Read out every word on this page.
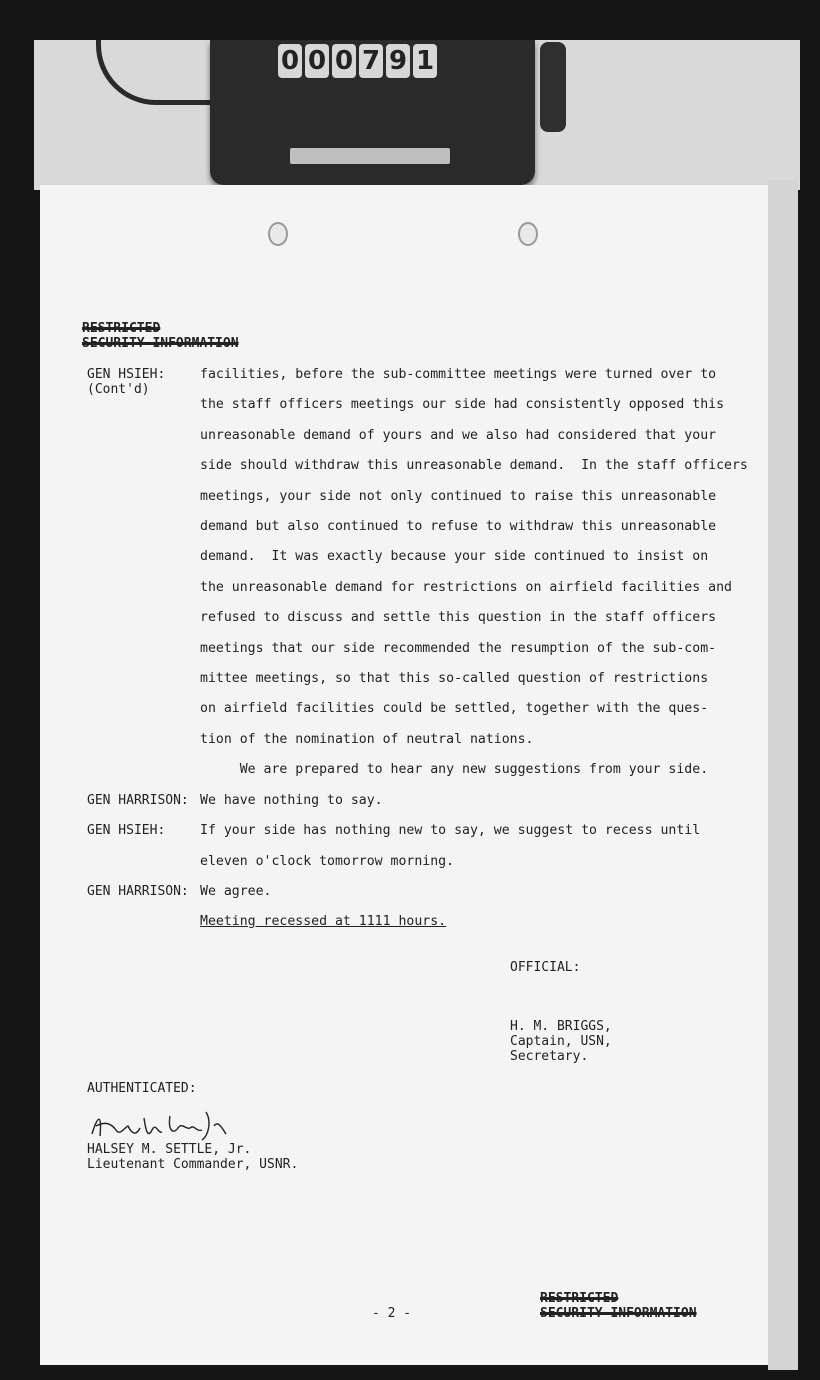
0 0 0 7 9 1
RESTRICTED
SECURITY INFORMATION
GEN HSIEH:
(Cont'd)
facilities, before the sub-committee meetings were turned over to
the staff officers meetings our side had consistently opposed this
unreasonable demand of yours and we also had considered that your
side should withdraw this unreasonable demand.  In the staff officers
meetings, your side not only continued to raise this unreasonable
demand but also continued to refuse to withdraw this unreasonable
demand.  It was exactly because your side continued to insist on
the unreasonable demand for restrictions on airfield facilities and
refused to discuss and settle this question in the staff officers
meetings that our side recommended the resumption of the sub-com-
mittee meetings, so that this so-called question of restrictions
on airfield facilities could be settled, together with the ques-
tion of the nomination of neutral nations.
We are prepared to hear any new suggestions from your side.
GEN HARRISON: We have nothing to say.
GEN HSIEH:	If your side has nothing new to say, we suggest to recess until
eleven o'clock tomorrow morning.
GEN HARRISON: We agree.
Meeting recessed at 1111 hours.
OFFICIAL:
H. M. BRIGGS,
Captain, USN,
Secretary.
AUTHENTICATED:
HALSEY M. SETTLE, Jr.
Lieutenant Commander, USNR.
- 2 -
RESTRICTED
SECURITY INFORMATION
